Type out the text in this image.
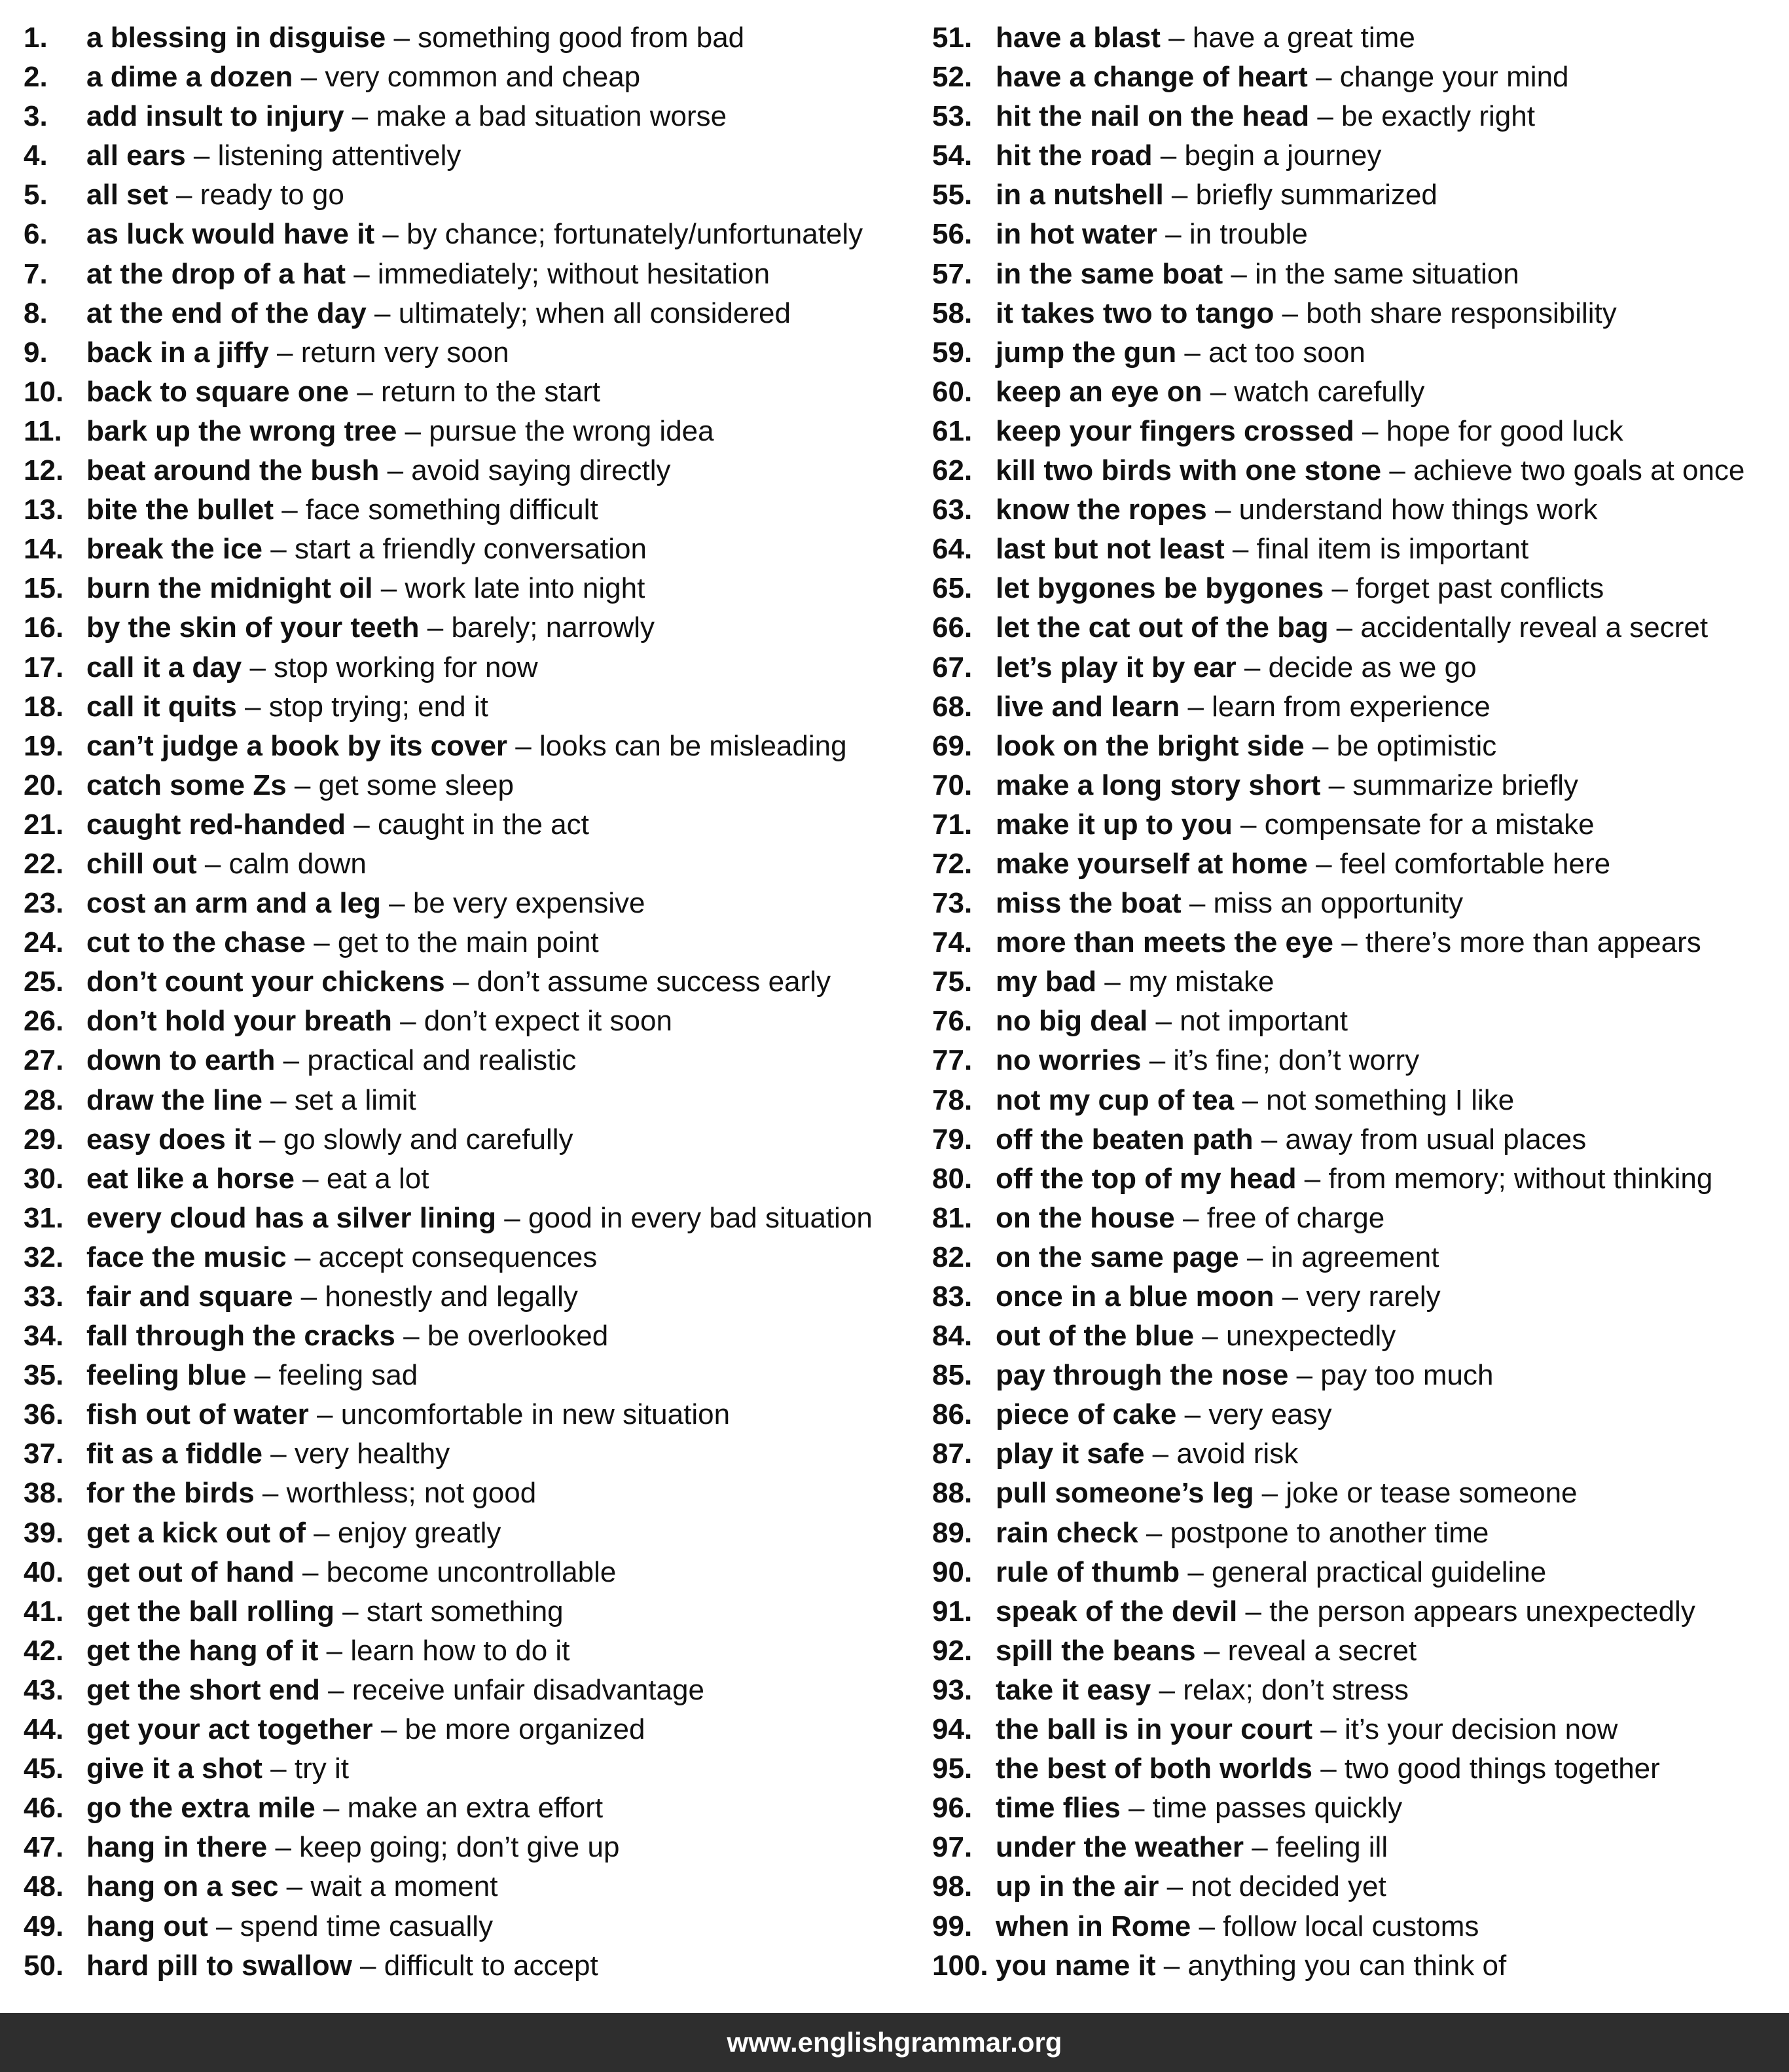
1.	a blessing in disguise – something good from bad
2.	a dime a dozen – very common and cheap
3.	add insult to injury – make a bad situation worse
4.	all ears – listening attentively
5.	all set – ready to go
6.	as luck would have it – by chance; fortunately/unfortunately
7.	at the drop of a hat – immediately; without hesitation
8.	at the end of the day – ultimately; when all considered
9.	back in a jiffy – return very soon
10. back to square one – return to the start
11. bark up the wrong tree – pursue the wrong idea
12. beat around the bush – avoid saying directly
13. bite the bullet – face something difficult
14. break the ice – start a friendly conversation
15. burn the midnight oil – work late into night
16. by the skin of your teeth – barely; narrowly
17. call it a day – stop working for now
18. call it quits – stop trying; end it
19. can’t judge a book by its cover – looks can be misleading
20. catch some Zs – get some sleep
21. caught red-handed – caught in the act
22. chill out – calm down
23. cost an arm and a leg – be very expensive
24. cut to the chase – get to the main point
25. don’t count your chickens – don’t assume success early
26. don’t hold your breath – don’t expect it soon
27. down to earth – practical and realistic
28. draw the line – set a limit
29. easy does it – go slowly and carefully
30. eat like a horse – eat a lot
31. every cloud has a silver lining – good in every bad situation
32. face the music – accept consequences
33. fair and square – honestly and legally
34. fall through the cracks – be overlooked
35. feeling blue – feeling sad
36. fish out of water – uncomfortable in new situation
37. fit as a fiddle – very healthy
38. for the birds – worthless; not good
39. get a kick out of – enjoy greatly
40. get out of hand – become uncontrollable
41. get the ball rolling – start something
42. get the hang of it – learn how to do it
43. get the short end – receive unfair disadvantage
44. get your act together – be more organized
45. give it a shot – try it
46. go the extra mile – make an extra effort
47. hang in there – keep going; don’t give up
48. hang on a sec – wait a moment
49. hang out – spend time casually
50. hard pill to swallow – difficult to accept
51. have a blast – have a great time
52. have a change of heart – change your mind
53. hit the nail on the head – be exactly right
54. hit the road – begin a journey
55. in a nutshell – briefly summarized
56. in hot water – in trouble
57. in the same boat – in the same situation
58. it takes two to tango – both share responsibility
59. jump the gun – act too soon
60. keep an eye on – watch carefully
61. keep your fingers crossed – hope for good luck
62. kill two birds with one stone – achieve two goals at once
63. know the ropes – understand how things work
64. last but not least – final item is important
65. let bygones be bygones – forget past conflicts
66. let the cat out of the bag – accidentally reveal a secret
67. let’s play it by ear – decide as we go
68. live and learn – learn from experience
69. look on the bright side – be optimistic
70. make a long story short – summarize briefly
71. make it up to you – compensate for a mistake
72. make yourself at home – feel comfortable here
73. miss the boat – miss an opportunity
74. more than meets the eye – there’s more than appears
75. my bad – my mistake
76. no big deal – not important
77. no worries – it’s fine; don’t worry
78. not my cup of tea – not something I like
79. off the beaten path – away from usual places
80. off the top of my head – from memory; without thinking
81. on the house – free of charge
82. on the same page – in agreement
83. once in a blue moon – very rarely
84. out of the blue – unexpectedly
85. pay through the nose – pay too much
86. piece of cake – very easy
87. play it safe – avoid risk
88. pull someone’s leg – joke or tease someone
89. rain check – postpone to another time
90. rule of thumb – general practical guideline
91. speak of the devil – the person appears unexpectedly
92. spill the beans – reveal a secret
93. take it easy – relax; don’t stress
94. the ball is in your court – it’s your decision now
95. the best of both worlds – two good things together
96. time flies – time passes quickly
97. under the weather – feeling ill
98. up in the air – not decided yet
99. when in Rome – follow local customs
100. you name it – anything you can think of
www.englishgrammar.org
